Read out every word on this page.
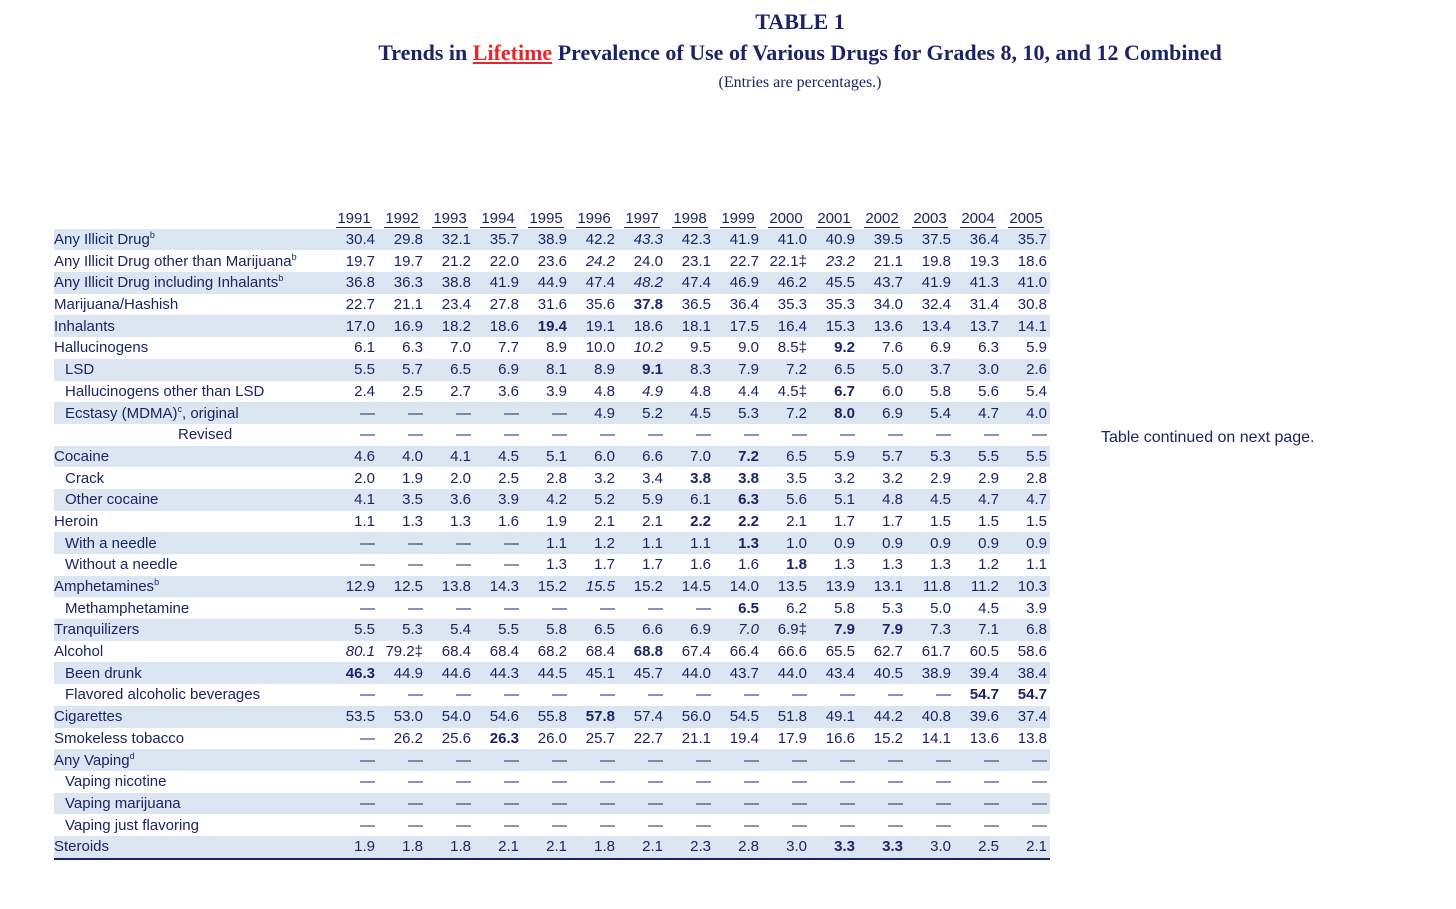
TABLE 1
Trends in Lifetime Prevalence of Use of Various Drugs for Grades 8, 10, and 12 Combined
(Entries are percentages.)
	1991	1992	1993	1994	1995	1996	1997	1998	1999	2000	2001	2002	2003	2004	2005
Any Illicit Drug$^b$	30.4	29.8	32.1	35.7	38.9	42.2	43.3	42.3	41.9	41.0	40.9	39.5	37.5	36.4	35.7
Any Illicit Drug other than Marijuana$^b$	19.7	19.7	21.2	22.0	23.6	24.2	24.0	23.1	22.7	22.1‡	23.2	21.1	19.8	19.3	18.6
Any Illicit Drug including Inhalants$^b$	36.8	36.3	38.8	41.9	44.9	47.4	48.2	47.4	46.9	46.2	45.5	43.7	41.9	41.3	41.0
Marijuana/Hashish	22.7	21.1	23.4	27.8	31.6	35.6	37.8	36.5	36.4	35.3	35.3	34.0	32.4	31.4	30.8
Inhalants	17.0	16.9	18.2	18.6	19.4	19.1	18.6	18.1	17.5	16.4	15.3	13.6	13.4	13.7	14.1
Hallucinogens	6.1	6.3	7.0	7.7	8.9	10.0	10.2	9.5	9.0	8.5‡	9.2	7.6	6.9	6.3	5.9
LSD	5.5	5.7	6.5	6.9	8.1	8.9	9.1	8.3	7.9	7.2	6.5	5.0	3.7	3.0	2.6
Hallucinogens other than LSD	2.4	2.5	2.7	3.6	3.9	4.8	4.9	4.8	4.4	4.5‡	6.7	6.0	5.8	5.6	5.4
Ecstasy (MDMA)$^c$, original	—	—	—	—	—	4.9	5.2	4.5	5.3	7.2	8.0	6.9	5.4	4.7	4.0
Revised	—	—	—	—	—	—	—	—	—	—	—	—	—	—	—
Cocaine	4.6	4.0	4.1	4.5	5.1	6.0	6.6	7.0	7.2	6.5	5.9	5.7	5.3	5.5	5.5
Crack	2.0	1.9	2.0	2.5	2.8	3.2	3.4	3.8	3.8	3.5	3.2	3.2	2.9	2.9	2.8
Other cocaine	4.1	3.5	3.6	3.9	4.2	5.2	5.9	6.1	6.3	5.6	5.1	4.8	4.5	4.7	4.7
Heroin	1.1	1.3	1.3	1.6	1.9	2.1	2.1	2.2	2.2	2.1	1.7	1.7	1.5	1.5	1.5
With a needle	—	—	—	—	1.1	1.2	1.1	1.1	1.3	1.0	0.9	0.9	0.9	0.9	0.9
Without a needle	—	—	—	—	1.3	1.7	1.7	1.6	1.6	1.8	1.3	1.3	1.3	1.2	1.1
Amphetamines$^b$	12.9	12.5	13.8	14.3	15.2	15.5	15.2	14.5	14.0	13.5	13.9	13.1	11.8	11.2	10.3
Methamphetamine	—	—	—	—	—	—	—	—	6.5	6.2	5.8	5.3	5.0	4.5	3.9
Tranquilizers	5.5	5.3	5.4	5.5	5.8	6.5	6.6	6.9	7.0	6.9‡	7.9	7.9	7.3	7.1	6.8
Alcohol	80.1	79.2‡	68.4	68.4	68.2	68.4	68.8	67.4	66.4	66.6	65.5	62.7	61.7	60.5	58.6
Been drunk	46.3	44.9	44.6	44.3	44.5	45.1	45.7	44.0	43.7	44.0	43.4	40.5	38.9	39.4	38.4
Flavored alcoholic beverages	—	—	—	—	—	—	—	—	—	—	—	—	—	54.7	54.7
Cigarettes	53.5	53.0	54.0	54.6	55.8	57.8	57.4	56.0	54.5	51.8	49.1	44.2	40.8	39.6	37.4
Smokeless tobacco	—	26.2	25.6	26.3	26.0	25.7	22.7	21.1	19.4	17.9	16.6	15.2	14.1	13.6	13.8
Any Vaping$^d$	—	—	—	—	—	—	—	—	—	—	—	—	—	—	—
Vaping nicotine	—	—	—	—	—	—	—	—	—	—	—	—	—	—	—
Vaping marijuana	—	—	—	—	—	—	—	—	—	—	—	—	—	—	—
Vaping just flavoring	—	—	—	—	—	—	—	—	—	—	—	—	—	—	—
Steroids	1.9	1.8	1.8	2.1	2.1	1.8	2.1	2.3	2.8	3.0	3.3	3.3	3.0	2.5	2.1
Table continued on next page.
